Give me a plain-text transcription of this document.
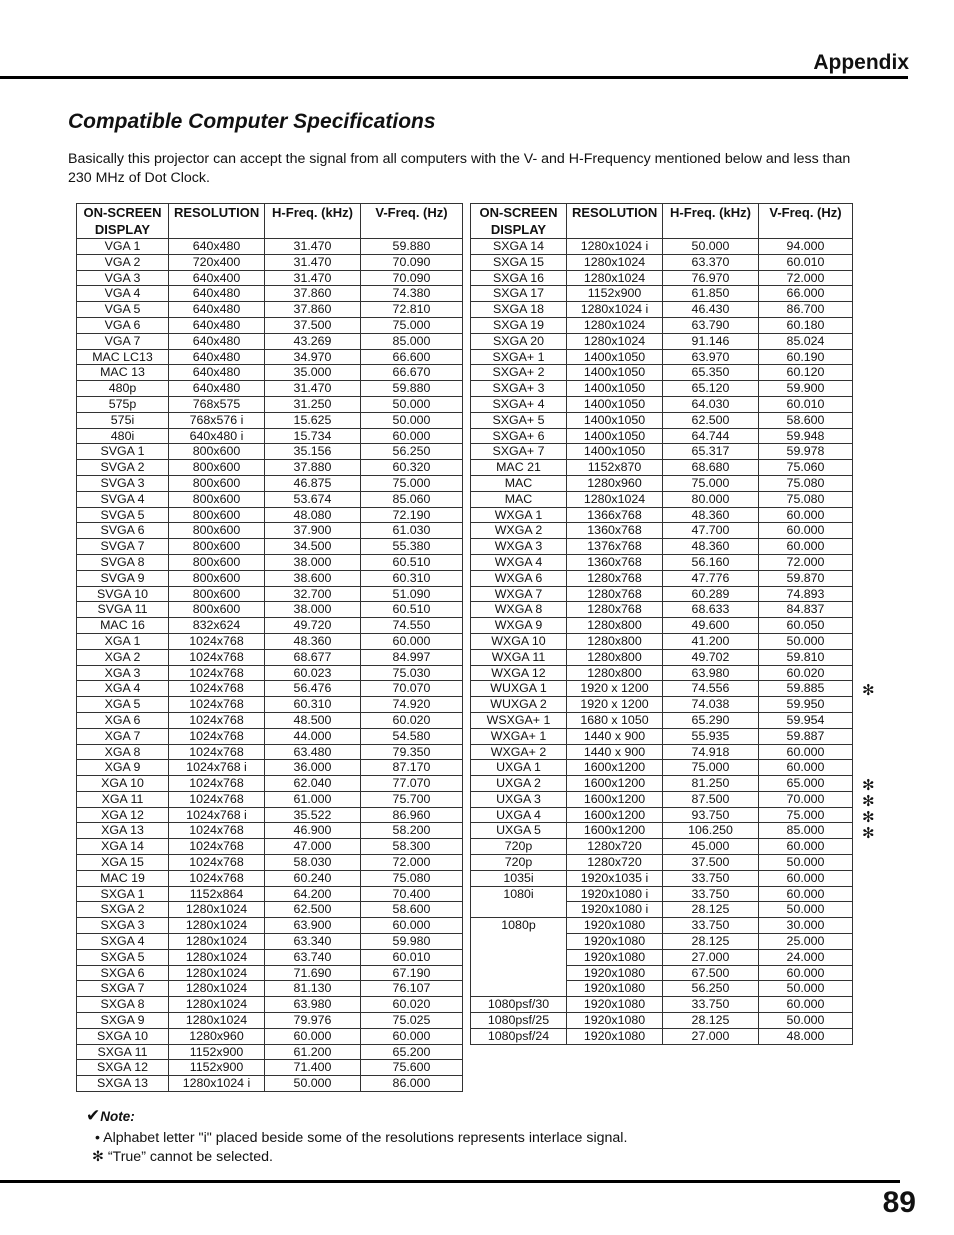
Appendix
Compatible Computer Specifications
Basically this projector can accept the signal from all computers with the V- and H-Frequency mentioned below and less than 230 MHz of Dot Clock.
ON-SCREEN DISPLAY	RESOLUTION	H-Freq. (kHz)	V-Freq. (Hz)
VGA 1	640x480	31.470	59.880
VGA 2	720x400	31.470	70.090
VGA 3	640x400	31.470	70.090
VGA 4	640x480	37.860	74.380
VGA 5	640x480	37.860	72.810
VGA 6	640x480	37.500	75.000
VGA 7	640x480	43.269	85.000
MAC LC13	640x480	34.970	66.600
MAC 13	640x480	35.000	66.670
480p	640x480	31.470	59.880
575p	768x575	31.250	50.000
575i	768x576 i	15.625	50.000
480i	640x480 i	15.734	60.000
SVGA 1	800x600	35.156	56.250
SVGA 2	800x600	37.880	60.320
SVGA 3	800x600	46.875	75.000
SVGA 4	800x600	53.674	85.060
SVGA 5	800x600	48.080	72.190
SVGA 6	800x600	37.900	61.030
SVGA 7	800x600	34.500	55.380
SVGA 8	800x600	38.000	60.510
SVGA 9	800x600	38.600	60.310
SVGA 10	800x600	32.700	51.090
SVGA 11	800x600	38.000	60.510
MAC 16	832x624	49.720	74.550
XGA 1	1024x768	48.360	60.000
XGA 2	1024x768	68.677	84.997
XGA 3	1024x768	60.023	75.030
XGA 4	1024x768	56.476	70.070
XGA 5	1024x768	60.310	74.920
XGA 6	1024x768	48.500	60.020
XGA 7	1024x768	44.000	54.580
XGA 8	1024x768	63.480	79.350
XGA 9	1024x768 i	36.000	87.170
XGA 10	1024x768	62.040	77.070
XGA 11	1024x768	61.000	75.700
XGA 12	1024x768 i	35.522	86.960
XGA 13	1024x768	46.900	58.200
XGA 14	1024x768	47.000	58.300
XGA 15	1024x768	58.030	72.000
MAC 19	1024x768	60.240	75.080
SXGA 1	1152x864	64.200	70.400
SXGA 2	1280x1024	62.500	58.600
SXGA 3	1280x1024	63.900	60.000
SXGA 4	1280x1024	63.340	59.980
SXGA 5	1280x1024	63.740	60.010
SXGA 6	1280x1024	71.690	67.190
SXGA 7	1280x1024	81.130	76.107
SXGA 8	1280x1024	63.980	60.020
SXGA 9	1280x1024	79.976	75.025
SXGA 10	1280x960	60.000	60.000
SXGA 11	1152x900	61.200	65.200
SXGA 12	1152x900	71.400	75.600
SXGA 13	1280x1024 i	50.000	86.000
ON-SCREEN DISPLAY	RESOLUTION	H-Freq. (kHz)	V-Freq. (Hz)
SXGA 14	1280x1024 i	50.000	94.000
SXGA 15	1280x1024	63.370	60.010
SXGA 16	1280x1024	76.970	72.000
SXGA 17	1152x900	61.850	66.000
SXGA 18	1280x1024 i	46.430	86.700
SXGA 19	1280x1024	63.790	60.180
SXGA 20	1280x1024	91.146	85.024
SXGA+ 1	1400x1050	63.970	60.190
SXGA+ 2	1400x1050	65.350	60.120
SXGA+ 3	1400x1050	65.120	59.900
SXGA+ 4	1400x1050	64.030	60.010
SXGA+ 5	1400x1050	62.500	58.600
SXGA+ 6	1400x1050	64.744	59.948
SXGA+ 7	1400x1050	65.317	59.978
MAC 21	1152x870	68.680	75.060
MAC	1280x960	75.000	75.080
MAC	1280x1024	80.000	75.080
WXGA 1	1366x768	48.360	60.000
WXGA 2	1360x768	47.700	60.000
WXGA 3	1376x768	48.360	60.000
WXGA 4	1360x768	56.160	72.000
WXGA 6	1280x768	47.776	59.870
WXGA 7	1280x768	60.289	74.893
WXGA 8	1280x768	68.633	84.837
WXGA 9	1280x800	49.600	60.050
WXGA 10	1280x800	41.200	50.000
WXGA 11	1280x800	49.702	59.810
WXGA 12	1280x800	63.980	60.020
WUXGA 1	1920 x 1200	74.556	59.885
WUXGA 2	1920 x 1200	74.038	59.950
WSXGA+ 1	1680 x 1050	65.290	59.954
WXGA+ 1	1440 x 900	55.935	59.887
WXGA+ 2	1440 x 900	74.918	60.000
UXGA 1	1600x1200	75.000	60.000
UXGA 2	1600x1200	81.250	65.000
UXGA 3	1600x1200	87.500	70.000
UXGA 4	1600x1200	93.750	75.000
UXGA 5	1600x1200	106.250	85.000
720p	1280x720	45.000	60.000
720p	1280x720	37.500	50.000
1035i	1920x1035 i	33.750	60.000
1080i	1920x1080 i	33.750	60.000
	1920x1080 i	28.125	50.000
1080p	1920x1080	33.750	30.000
	1920x1080	28.125	25.000
	1920x1080	27.000	24.000
	1920x1080	67.500	60.000
	1920x1080	56.250	50.000
1080psf/30	1920x1080	33.750	60.000
1080psf/25	1920x1080	28.125	50.000
1080psf/24	1920x1080	27.000	48.000
✻
✻
✻
✻
✻
✔Note:
• Alphabet letter "i" placed beside some of the resolutions represents interlace signal.
✻ “True” cannot be selected.
89
